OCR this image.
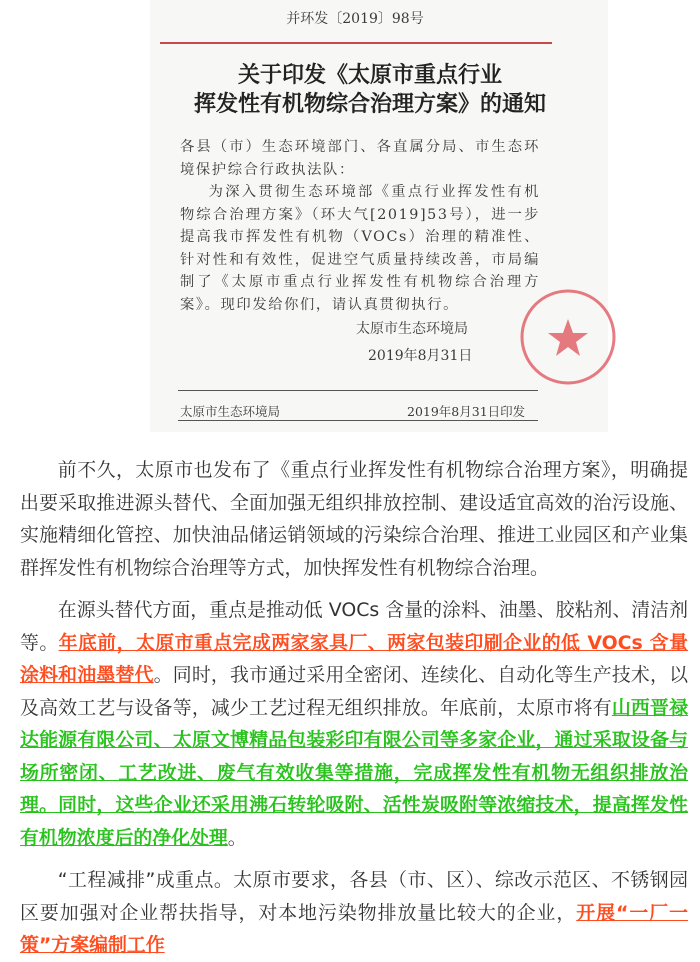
并环发〔2019〕98号
关于印发《太原市重点行业
挥发性有机物综合治理方案》的通知
各县（市）生态环境部门、各直属分局、市生态环境保护综合行政执法队：
为深入贯彻生态环境部《重点行业挥发性有机物综合治理方案》（环大气[2019]53号），进一步提高我市挥发性有机物（VOCs）治理的精准性、针对性和有效性，促进空气质量持续改善，市局编制了《太原市重点行业挥发性有机物综合治理方案》。现印发给你们，请认真贯彻执行。
太原市生态环境局
2019年8月31日
太原市生态环境局	2019年8月31日印发

前不久，太原市也发布了《重点行业挥发性有机物综合治理方案》，明确提出要采取推进源头替代、全面加强无组织排放控制、建设适宜高效的治污设施、实施精细化管控、加快油品储运销领域的污染综合治理、推进工业园区和产业集群挥发性有机物综合治理等方式，加快挥发性有机物综合治理。

在源头替代方面，重点是推动低 VOCs 含量的涂料、油墨、胶粘剂、清洁剂等。年底前，太原市重点完成两家家具厂、两家包装印刷企业的低 VOCs 含量涂料和油墨替代。同时，我市通过采用全密闭、连续化、自动化等生产技术，以及高效工艺与设备等，减少工艺过程无组织排放。年底前，太原市将有山西晋禄达能源有限公司、太原文博精品包装彩印有限公司等多家企业，通过采取设备与场所密闭、工艺改进、废气有效收集等措施，完成挥发性有机物无组织排放治理。同时，这些企业还采用沸石转轮吸附、活性炭吸附等浓缩技术，提高挥发性有机物浓度后的净化处理。

“工程减排”成重点。太原市要求，各县（市、区）、综改示范区、不锈钢园区要加强对企业帮扶指导，对本地污染物排放量比较大的企业，开展“一厂一策”方案编制工作
